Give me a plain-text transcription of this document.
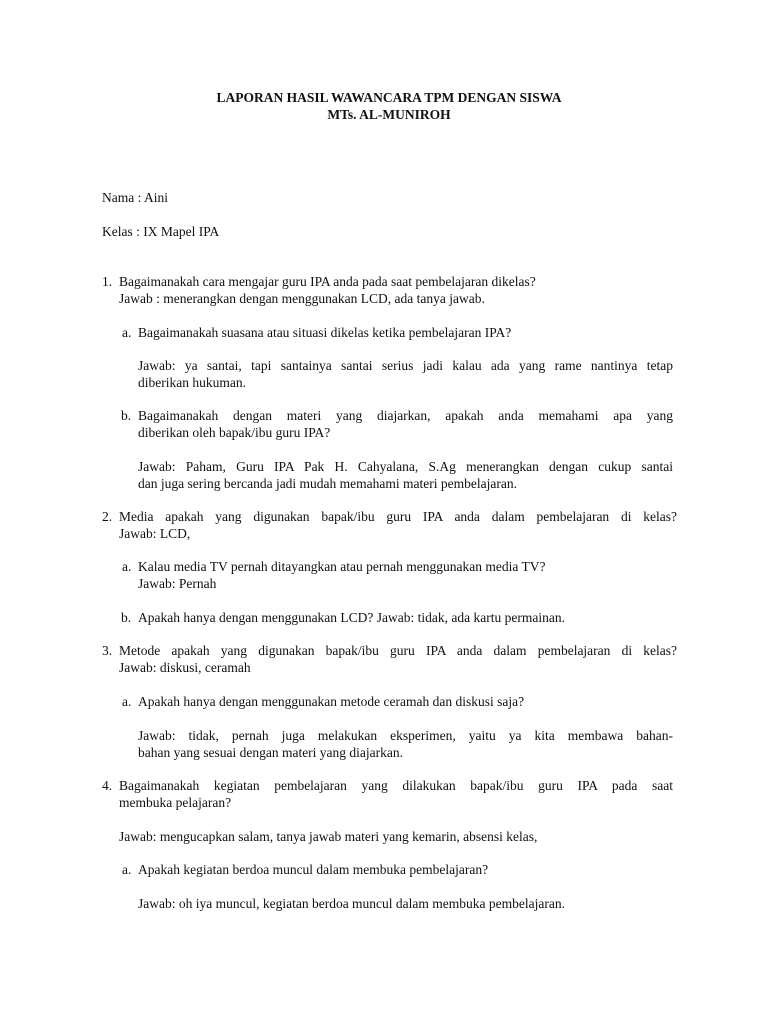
LAPORAN HASIL WAWANCARA TPM DENGAN SISWA
MTs. AL-MUNIROH
Nama : Aini
Kelas : IX Mapel IPA
1. Bagaimanakah cara mengajar guru IPA anda pada saat pembelajaran dikelas?
Jawab : menerangkan dengan menggunakan LCD, ada tanya jawab.
a. Bagaimanakah suasana atau situasi dikelas ketika pembelajaran IPA?
Jawab: ya santai, tapi santainya santai serius jadi kalau ada yang rame nantinya tetap
diberikan hukuman.
b. Bagaimanakah dengan materi yang diajarkan, apakah anda memahami apa yang
diberikan oleh bapak/ibu guru IPA?
Jawab: Paham, Guru IPA Pak H. Cahyalana, S.Ag menerangkan dengan cukup santai
dan juga sering bercanda jadi mudah memahami materi pembelajaran.
2. Media apakah yang digunakan bapak/ibu guru IPA anda dalam pembelajaran di kelas?
Jawab: LCD,
a. Kalau media TV pernah ditayangkan atau pernah menggunakan media TV?
Jawab: Pernah
b. Apakah hanya dengan menggunakan LCD? Jawab: tidak, ada kartu permainan.
3. Metode apakah yang digunakan bapak/ibu guru IPA anda dalam pembelajaran di kelas?
Jawab: diskusi, ceramah
a. Apakah hanya dengan menggunakan metode ceramah dan diskusi saja?
Jawab: tidak, pernah juga melakukan eksperimen, yaitu ya kita membawa bahan-
bahan yang sesuai dengan materi yang diajarkan.
4. Bagaimanakah kegiatan pembelajaran yang dilakukan bapak/ibu guru IPA pada saat
membuka pelajaran?
Jawab: mengucapkan salam, tanya jawab materi yang kemarin, absensi kelas,
a. Apakah kegiatan berdoa muncul dalam membuka pembelajaran?
Jawab: oh iya muncul, kegiatan berdoa muncul dalam membuka pembelajaran.
